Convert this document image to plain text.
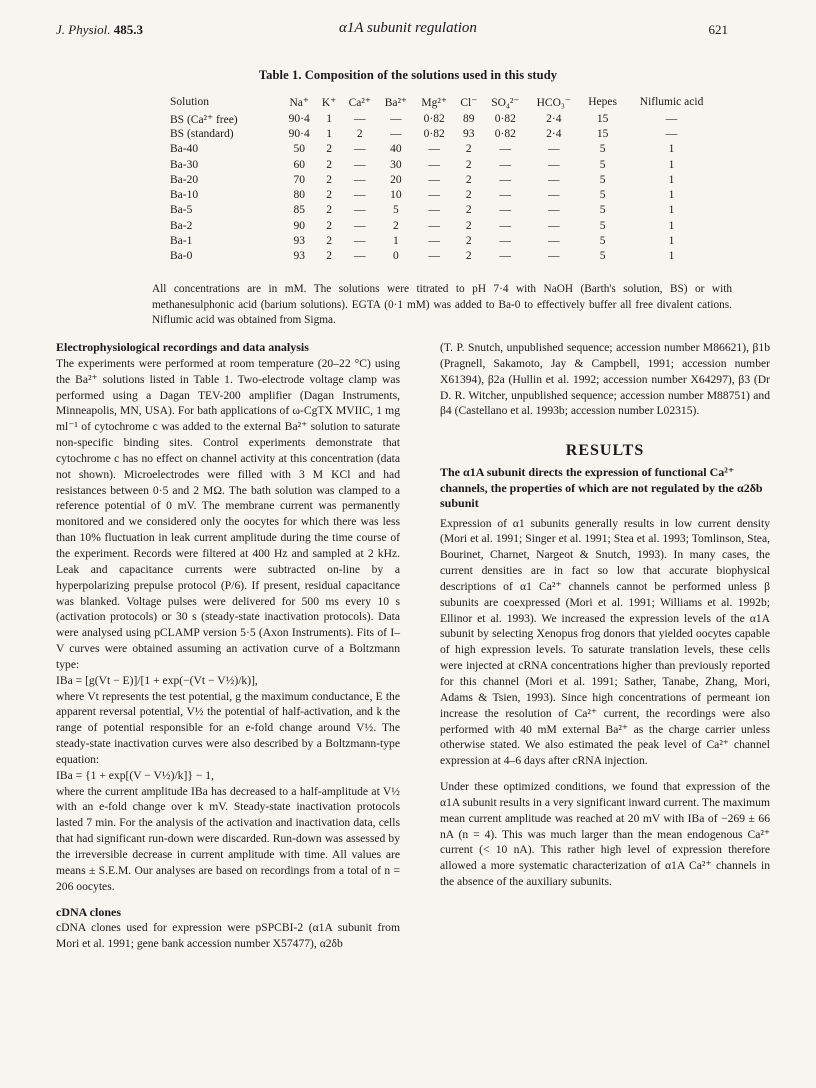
J. Physiol. 485.3	α1A subunit regulation	621
Table 1. Composition of the solutions used in this study
Solution	Na⁺	K⁺	Ca²⁺	Ba²⁺	Mg²⁺	Cl⁻	SO₄²⁻	HCO₃⁻	Hepes	Niflumic acid
BS (Ca²⁺ free)	90·4	1	—	—	0·82	89	0·82	2·4	15	—
BS (standard)	90·4	1	2	—	0·82	93	0·82	2·4	15	—
Ba-40	50	2	—	40	—	2	—	—	5	1
Ba-30	60	2	—	30	—	2	—	—	5	1
Ba-20	70	2	—	20	—	2	—	—	5	1
Ba-10	80	2	—	10	—	2	—	—	5	1
Ba-5	85	2	—	5	—	2	—	—	5	1
Ba-2	90	2	—	2	—	2	—	—	5	1
Ba-1	93	2	—	1	—	2	—	—	5	1
Ba-0	93	2	—	0	—	2	—	—	5	1
All concentrations are in mM. The solutions were titrated to pH 7·4 with NaOH (Barth's solution, BS) or with methanesulphonic acid (barium solutions). EGTA (0·1 mM) was added to Ba-0 to effectively buffer all free divalent cations. Niflumic acid was obtained from Sigma.
Electrophysiological recordings and data analysis

The experiments were performed at room temperature (20–22 °C) using the Ba²⁺ solutions listed in Table 1. Two-electrode voltage clamp was performed using a Dagan TEV-200 amplifier (Dagan Instruments, Minneapolis, MN, USA). For bath applications of ω-CgTX MVIIC, 1 mg ml⁻¹ of cytochrome c was added to the external Ba²⁺ solution to saturate non-specific binding sites. Control experiments demonstrate that cytochrome c has no effect on channel activity at this concentration (data not shown). Microelectrodes were filled with 3 M KCl and had resistances between 0·5 and 2 MΩ. The bath solution was clamped to a reference potential of 0 mV. The membrane current was permanently monitored and we considered only the oocytes for which there was less than 10% fluctuation in leak current amplitude during the time course of the experiment. Records were filtered at 400 Hz and sampled at 2 kHz. Leak and capacitance currents were subtracted on-line by a hyperpolarizing prepulse protocol (P/6). If present, residual capacitance was blanked. Voltage pulses were delivered for 500 ms every 10 s (activation protocols) or 30 s (steady-state inactivation protocols). Data were analysed using pCLAMP version 5·5 (Axon Instruments). Fits of I–V curves were obtained assuming an activation curve of a Boltzmann type:

IBa = [g(Vt − E)]/[1 + exp(−(Vt − V½)/k)],

where Vt represents the test potential, g the maximum conductance, E the apparent reversal potential, V½ the potential of half-activation, and k the range of potential responsible for an e-fold change around V½. The steady-state inactivation curves were also described by a Boltzmann-type equation:

IBa = {1 + exp[(V − V½)/k]} − 1,

where the current amplitude IBa has decreased to a half-amplitude at V½ with an e-fold change over k mV. Steady-state inactivation protocols lasted 7 min. For the analysis of the activation and inactivation data, cells that had significant run-down were discarded. Run-down was assessed by the irreversible decrease in current amplitude with time. All values are means ± S.E.M. Our analyses are based on recordings from a total of n = 206 oocytes.

cDNA clones

cDNA clones used for expression were pSPCBI-2 (α1A subunit from Mori et al. 1991; gene bank accession number X57477), α2δb

(T. P. Snutch, unpublished sequence; accession number M86621), β1b (Pragnell, Sakamoto, Jay & Campbell, 1991; accession number X61394), β2a (Hullin et al. 1992; accession number X64297), β3 (Dr D. R. Witcher, unpublished sequence; accession number M88751) and β4 (Castellano et al. 1993b; accession number L02315).

RESULTS
The α1A subunit directs the expression of functional Ca²⁺ channels, the properties of which are not regulated by the α2δb subunit

Expression of α1 subunits generally results in low current density (Mori et al. 1991; Singer et al. 1991; Stea et al. 1993; Tomlinson, Stea, Bourinet, Charnet, Nargeot & Snutch, 1993). In many cases, the current densities are in fact so low that accurate biophysical descriptions of α1 Ca²⁺ channels cannot be performed unless β subunits are coexpressed (Mori et al. 1991; Williams et al. 1992b; Ellinor et al. 1993). We increased the expression levels of the α1A subunit by selecting Xenopus frog donors that yielded oocytes capable of high expression levels. To saturate translation levels, these cells were injected at cRNA concentrations higher than previously reported for this channel (Mori et al. 1991; Sather, Tanabe, Zhang, Mori, Adams & Tsien, 1993). Since high concentrations of permeant ion increase the resolution of Ca²⁺ current, the recordings were also performed with 40 mM external Ba²⁺ as the charge carrier unless otherwise stated. We also estimated the peak level of Ca²⁺ channel expression at 4–6 days after cRNA injection.

Under these optimized conditions, we found that expression of the α1A subunit results in a very significant inward current. The maximum mean current amplitude was reached at 20 mV with IBa of −269 ± 66 nA (n = 4). This was much larger than the mean endogenous Ca²⁺ current (< 10 nA). This rather high level of expression therefore allowed a more systematic characterization of α1A Ca²⁺ channels in the absence of the auxiliary subunits.
